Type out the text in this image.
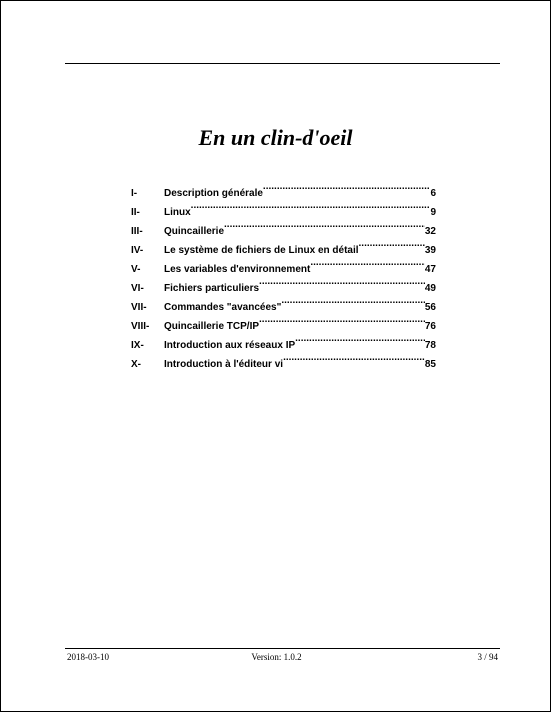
En un clin-d'oeil
I-	Description générale .....	6
II-	Linux .....	9
III-	Quincaillerie .....	32
IV-	Le système de fichiers de Linux en détail .....	39
V-	Les variables d'environnement .....	47
VI-	Fichiers particuliers .....	49
VII-	Commandes "avancées" .....	56
VIII-	Quincaillerie TCP/IP .....	76
IX-	Introduction aux réseaux IP .....	78
X-	Introduction à l'éditeur vi .....	85
2018-03-10	Version: 1.0.2	3 / 94
